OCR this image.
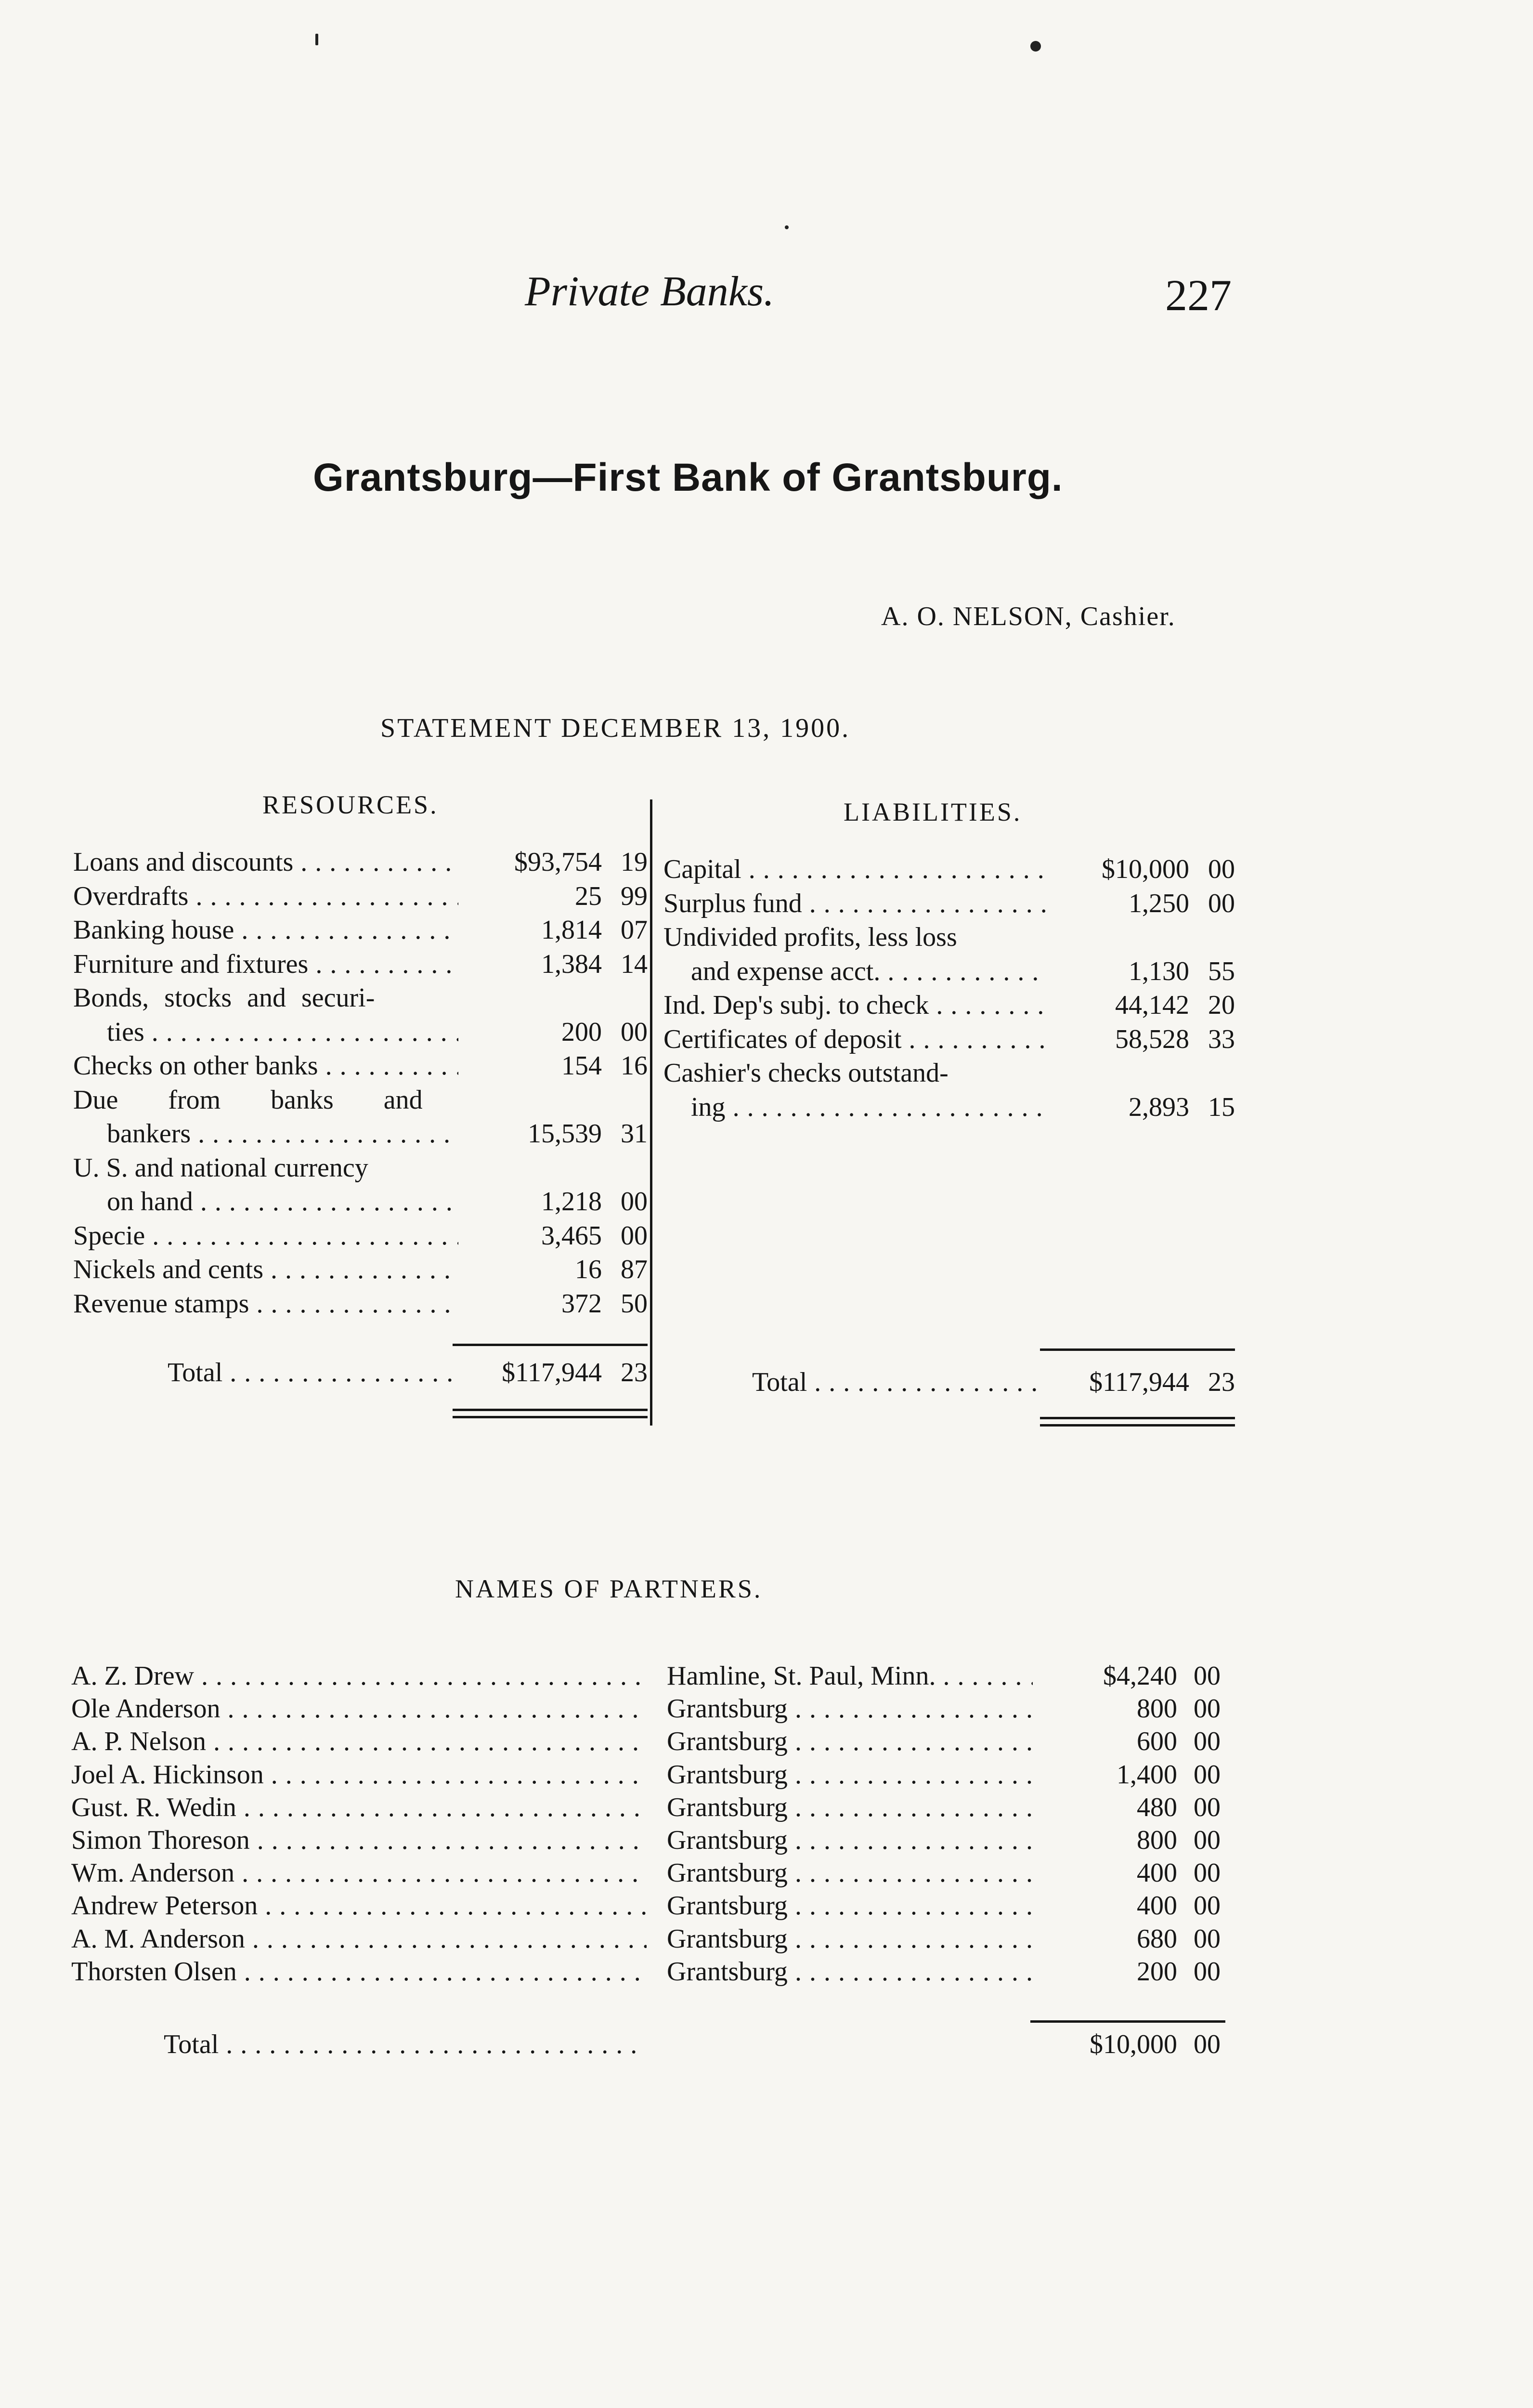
Private Banks.	227
Grantsburg—First Bank of Grantsburg.
A. O. NELSON, Cashier.
STATEMENT DECEMBER 13, 1900.
RESOURCES.	LIABILITIES.
Loans and discounts . . .	$93,754 19
Overdrafts . . .	25 99
Banking house . . .	1,814 07
Furniture and fixtures . . .	1,384 14
Bonds, stocks and securi-
ties . . .	200 00
Checks on other banks . . .	154 16
Due from banks and
bankers . . .	15,539 31
U. S. and national currency
on hand . . .	1,218 00
Specie . . .	3,465 00
Nickels and cents . . .	16 87
Revenue stamps . . .	372 50
Capital . . .	$10,000 00
Surplus fund . . .	1,250 00
Undivided profits, less loss
and expense acct. . . .	1,130 55
Ind. Dep's subj. to check . . .	44,142 20
Certificates of deposit . . .	58,528 33
Cashier's checks outstand-
ing . . .	2,893 15
Total . . .	$117,944 23	Total . . .	$117,944 23
NAMES OF PARTNERS.
A. Z. Drew . . .	Hamline, St. Paul, Minn. . . .	$4,240 00
Ole Anderson . . .	Grantsburg . . .	800 00
A. P. Nelson . . .	Grantsburg . . .	600 00
Joel A. Hickinson . . .	Grantsburg . . .	1,400 00
Gust. R. Wedin . . .	Grantsburg . . .	480 00
Simon Thoreson . . .	Grantsburg . . .	800 00
Wm. Anderson . . .	Grantsburg . . .	400 00
Andrew Peterson . . .	Grantsburg . . .	400 00
A. M. Anderson . . .	Grantsburg . . .	680 00
Thorsten Olsen . . .	Grantsburg . . .	200 00
Total . . .	$10,000 00
